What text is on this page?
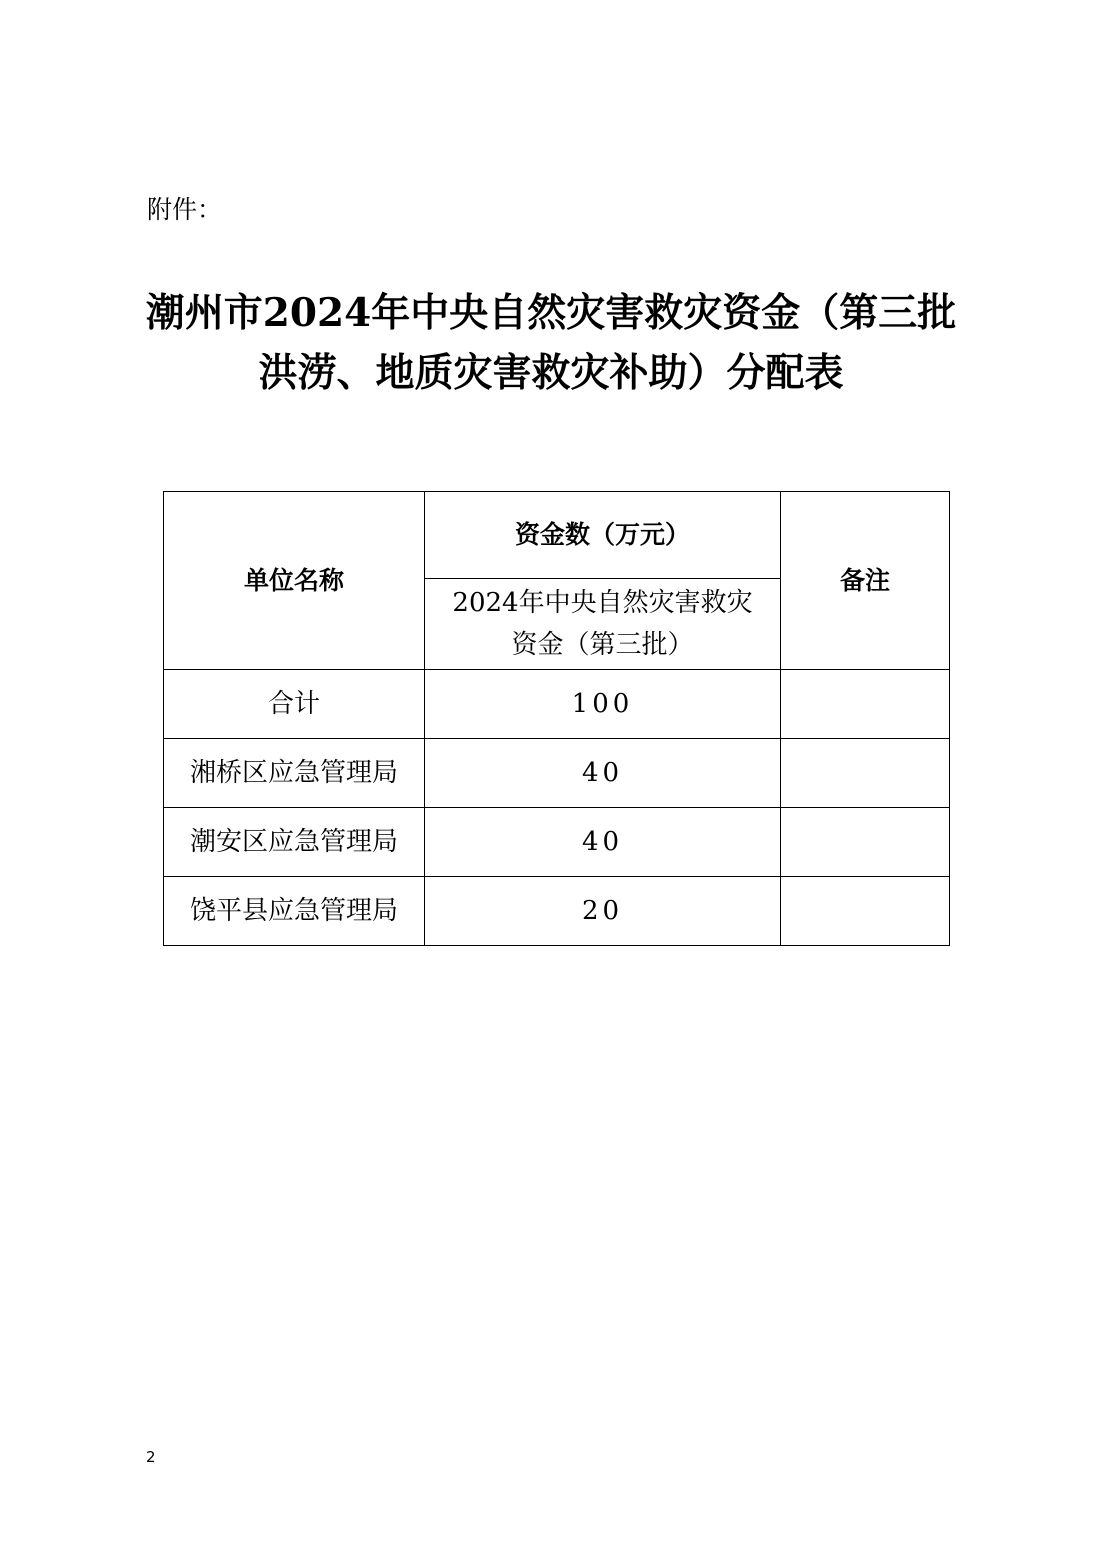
附件：

潮州市2024年中央自然灾害救灾资金（第三批
洪涝、地质灾害救灾补助）分配表
单位名称	资金数（万元）	备注

	2024年中央自然灾害救灾
资金（第三批）	

合计	100	
湘桥区应急管理局	40	
潮安区应急管理局	40	
饶平县应急管理局	20	

2
